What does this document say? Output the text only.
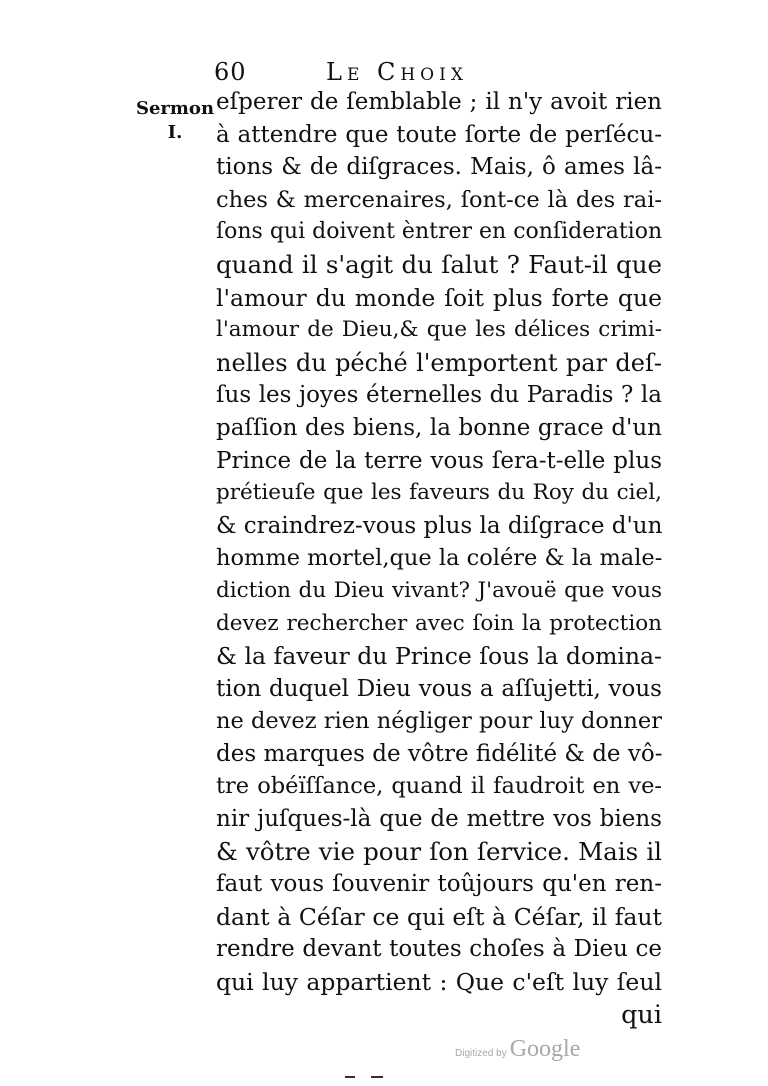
60	Le Choix
Sermon
I.
eſperer de ſemblable ; il n'y avoit rien
à attendre que toute ſorte de perſécu-
tions & de diſgraces. Mais, ô ames lâ-
ches & mercenaires, ſont-ce là des rai-
ſons qui doivent èntrer en conſideration
quand il s'agit du ſalut ? Faut-il que
l'amour du monde ſoit plus forte que
l'amour de Dieu,& que les délices crimi-
nelles du péché l'emportent par deſ-
ſus les joyes éternelles du Paradis ? la
paſſion des biens, la bonne grace d'un
Prince de la terre vous ſera-t-elle plus
prétieuſe que les faveurs du Roy du ciel,
& craindrez-vous plus la diſgrace d'un
homme mortel,que la colére & la male-
diction du Dieu vivant? J'avouë que vous
devez rechercher avec ſoin la protection
& la faveur du Prince ſous la domina-
tion duquel Dieu vous a aſſujetti, vous
ne devez rien négliger pour luy donner
des marques de vôtre fidélité & de vô-
tre obéïſſance, quand il faudroit en ve-
nir juſques-là que de mettre vos biens
& vôtre vie pour ſon ſervice. Mais il
faut vous ſouvenir toûjours qu'en ren-
dant à Céſar ce qui eſt à Céſar, il faut
rendre devant toutes choſes à Dieu ce
qui luy appartient : Que c'eſt luy ſeul
qui
Digitized by Google
